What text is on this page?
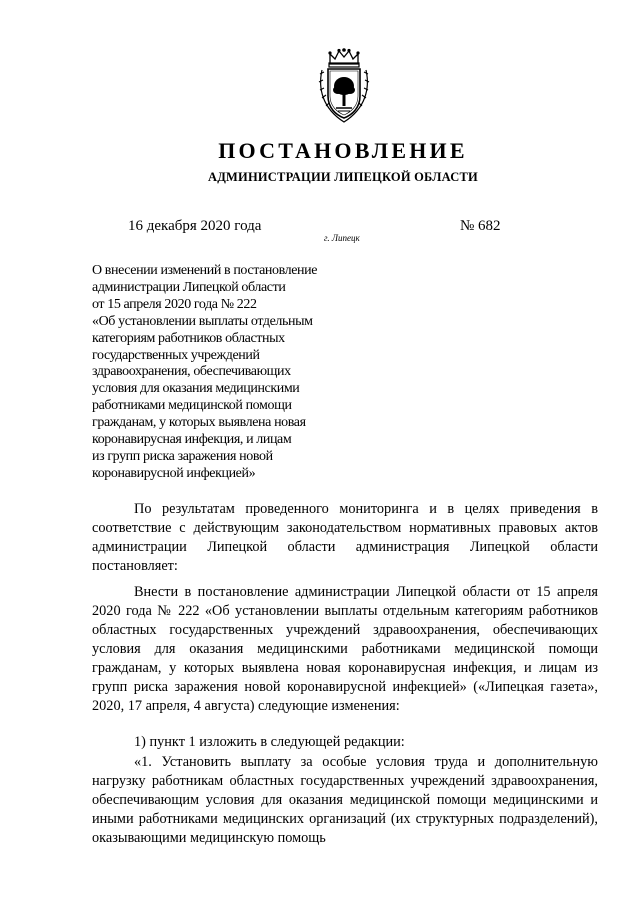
ПОСТАНОВЛЕНИЕ
АДМИНИСТРАЦИИ ЛИПЕЦКОЙ ОБЛАСТИ
16 декабря 2020 года
г. Липецк
№ 682
О внесении изменений в постановление
администрации Липецкой области
от 15 апреля 2020 года № 222
«Об установлении выплаты отдельным
категориям работников областных
государственных учреждений
здравоохранения, обеспечивающих
условия для оказания медицинскими
работниками медицинской помощи
гражданам, у которых выявлена новая
коронавирусная инфекция, и лицам
из групп риска заражения новой
коронавирусной инфекцией»

По результатам проведенного мониторинга и в целях приведения в соответствие с действующим законодательством нормативных правовых актов администрации Липецкой области администрация Липецкой области постановляет:

Внести в постановление администрации Липецкой области от 15 апреля 2020 года № 222 «Об установлении выплаты отдельным категориям работников областных государственных учреждений здравоохранения, обеспечивающих условия для оказания медицинскими работниками медицинской помощи гражданам, у которых выявлена новая коронавирусная инфекция, и лицам из групп риска заражения новой коронавирусной инфекцией» («Липецкая газета», 2020, 17 апреля, 4 августа) следующие изменения:

1) пункт 1 изложить в следующей редакции:

«1. Установить выплату за особые условия труда и дополнительную нагрузку работникам областных государственных учреждений здравоохранения, обеспечивающим условия для оказания медицинской помощи медицинскими и иными работниками медицинских организаций (их структурных подразделений), оказывающими медицинскую помощь
